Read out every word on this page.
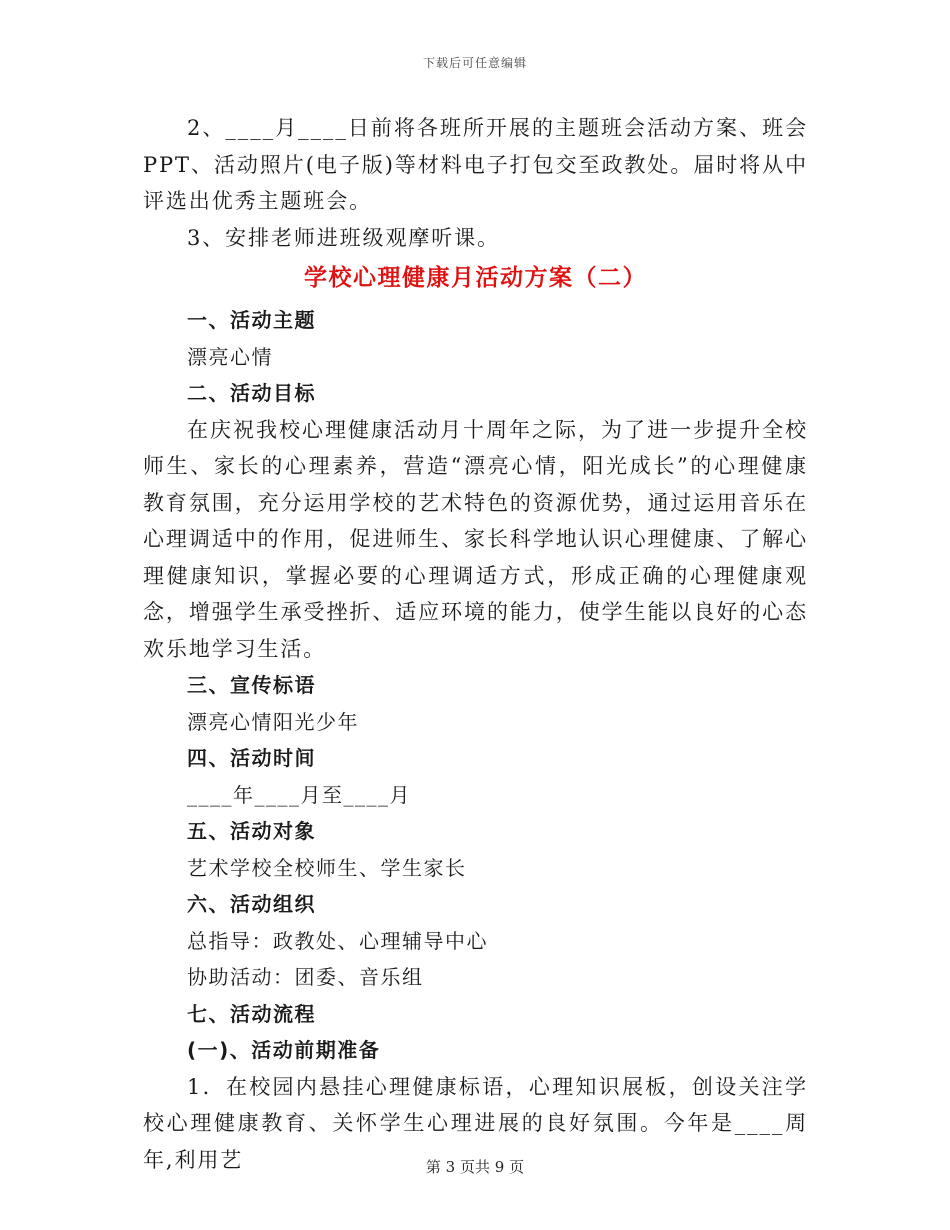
下载后可任意编辑

2、____月____日前将各班所开展的主题班会活动方案、班会PPT、活动照片(电子版)等材料电子打包交至政教处。届时将从中评选出优秀主题班会。

3、安排老师进班级观摩听课。

学校心理健康月活动方案（二）

一、活动主题

漂亮心情

二、活动目标

在庆祝我校心理健康活动月十周年之际，为了进一步提升全校师生、家长的心理素养，营造“漂亮心情，阳光成长”的心理健康教育氛围，充分运用学校的艺术特色的资源优势，通过运用音乐在心理调适中的作用，促进师生、家长科学地认识心理健康、了解心理健康知识，掌握必要的心理调适方式，形成正确的心理健康观念，增强学生承受挫折、适应环境的能力，使学生能以良好的心态欢乐地学习生活。

三、宣传标语

漂亮心情阳光少年

四、活动时间

____年____月至____月

五、活动对象

艺术学校全校师生、学生家长

六、活动组织

总指导：政教处、心理辅导中心

协助活动：团委、音乐组

七、活动流程

(一)、活动前期准备

1．在校园内悬挂心理健康标语，心理知识展板，创设关注学校心理健康教育、关怀学生心理进展的良好氛围。今年是____周年,利用艺	第 3 页共 9 页
